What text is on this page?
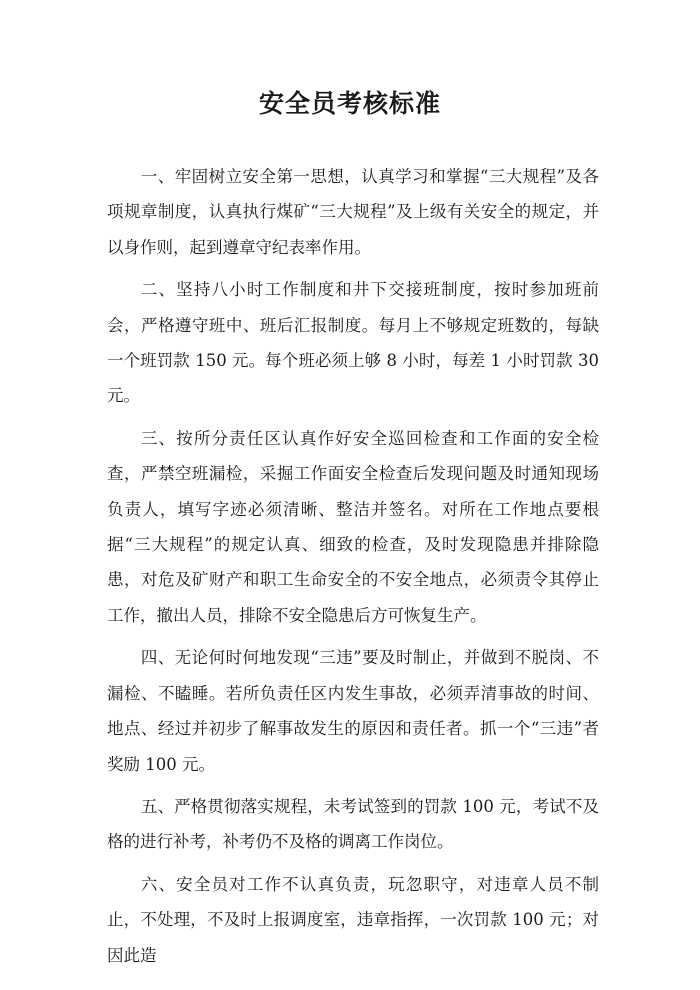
安全员考核标准

一、牢固树立安全第一思想，认真学习和掌握“三大规程”及各项规章制度，认真执行煤矿“三大规程”及上级有关安全的规定，并以身作则，起到遵章守纪表率作用。

二、坚持八小时工作制度和井下交接班制度，按时参加班前会，严格遵守班中、班后汇报制度。每月上不够规定班数的，每缺一个班罚款 150 元。每个班必须上够 8 小时，每差 1 小时罚款 30 元。

三、按所分责任区认真作好安全巡回检查和工作面的安全检查，严禁空班漏检，采掘工作面安全检查后发现问题及时通知现场负责人，填写字迹必须清晰、整洁并签名。对所在工作地点要根据“三大规程”的规定认真、细致的检查，及时发现隐患并排除隐患，对危及矿财产和职工生命安全的不安全地点，必须责令其停止工作，撤出人员，排除不安全隐患后方可恢复生产。

四、无论何时何地发现“三违”要及时制止，并做到不脱岗、不漏检、不瞌睡。若所负责任区内发生事故，必须弄清事故的时间、地点、经过并初步了解事故发生的原因和责任者。抓一个“三违”者奖励 100 元。

五、严格贯彻落实规程，未考试签到的罚款 100 元，考试不及格的进行补考，补考仍不及格的调离工作岗位。

六、安全员对工作不认真负责，玩忽职守，对违章人员不制止，不处理，不及时上报调度室，违章指挥，一次罚款 100 元；对因此造
